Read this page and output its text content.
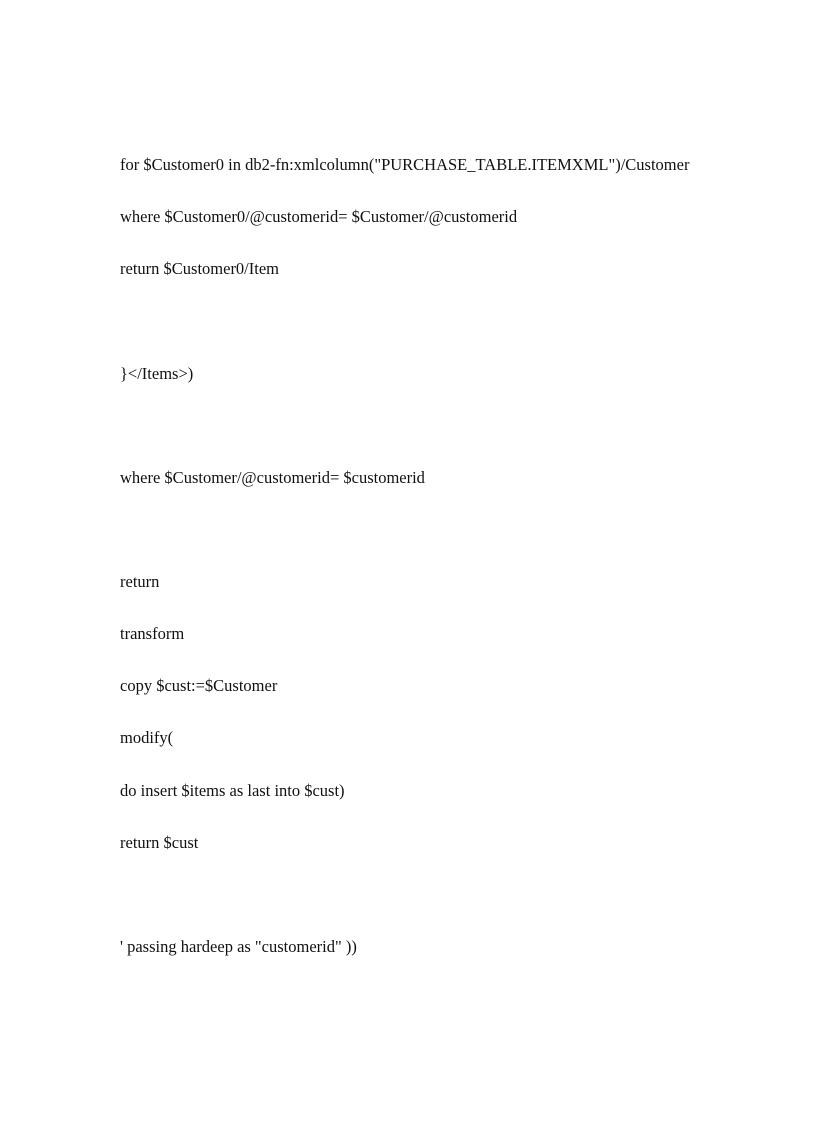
for $Customer0 in db2-fn:xmlcolumn("PURCHASE_TABLE.ITEMXML")/Customer

where $Customer0/@customerid= $Customer/@customerid

return $Customer0/Item

}</Items>)

where $Customer/@customerid= $customerid

return

transform

copy $cust:=$Customer

modify(

do insert $items as last into $cust)

return $cust

' passing hardeep as "customerid" ))
